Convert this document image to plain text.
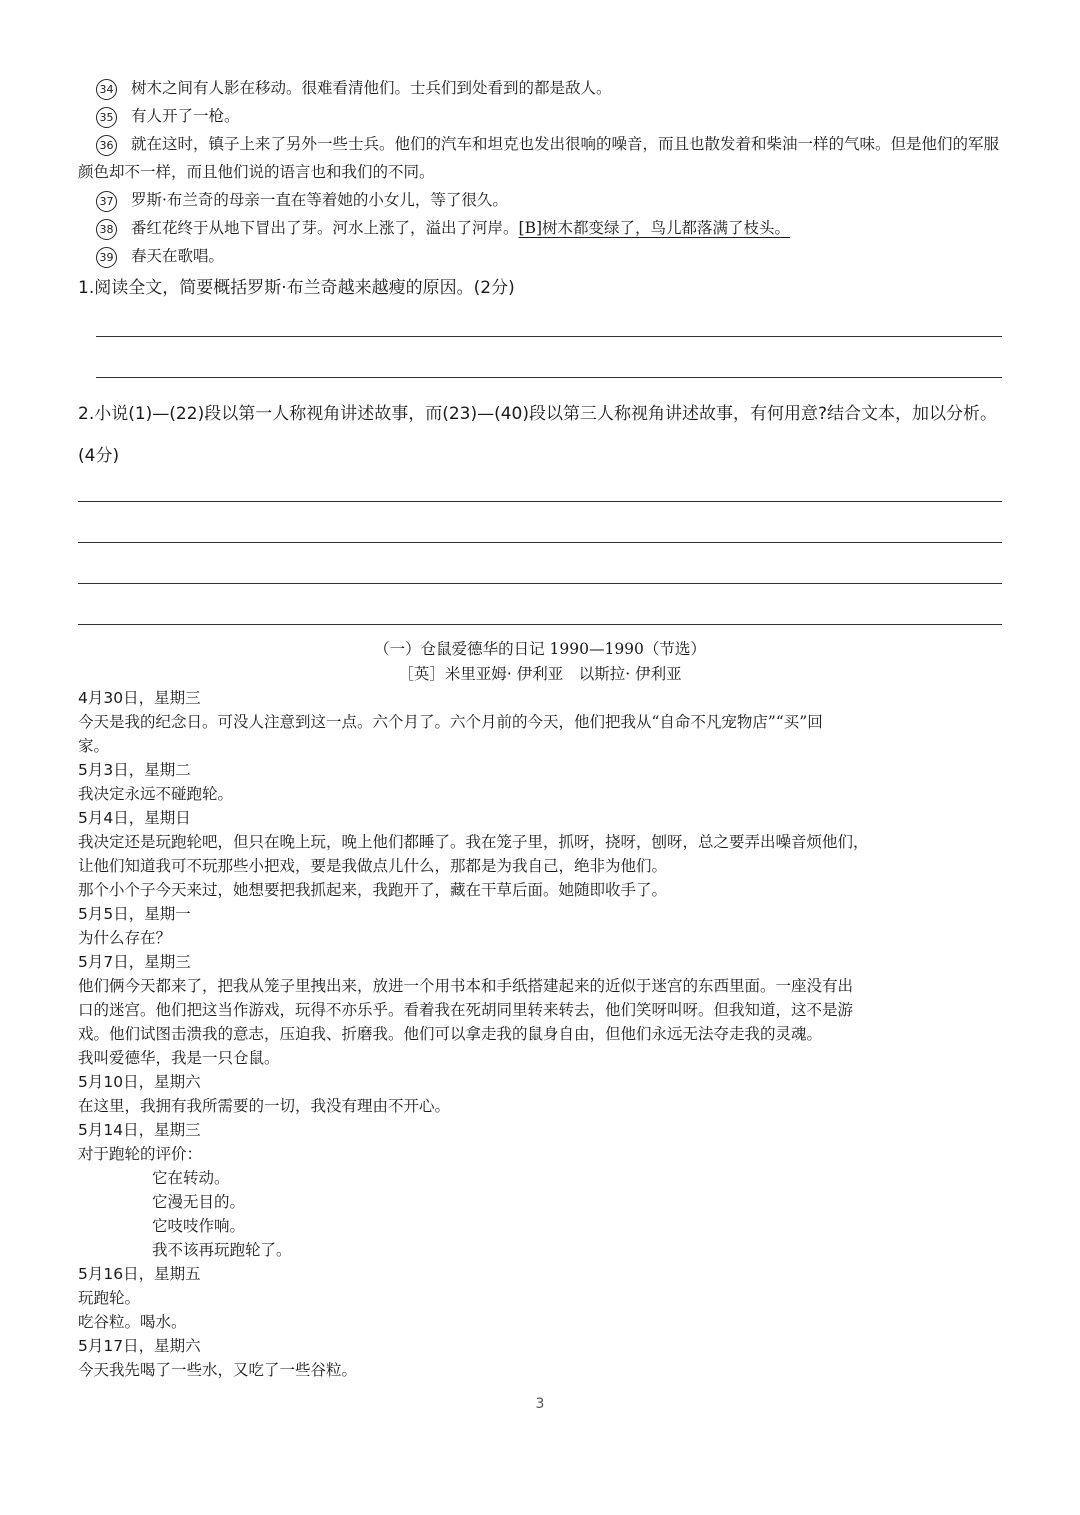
34 树木之间有人影在移动。很难看清他们。士兵们到处看到的都是敌人。
35 有人开了一枪。
36 就在这时，镇子上来了另外一些士兵。他们的汽车和坦克也发出很响的噪音，而且也散发着和柴油一样的气味。但是他们的军服颜色却不一样，而且他们说的语言也和我们的不同。
37 罗斯·布兰奇的母亲一直在等着她的小女儿，等了很久。
38 番红花终于从地下冒出了芽。河水上涨了，溢出了河岸。[B]树木都变绿了，鸟儿都落满了枝头。
39 春天在歌唱。
1.阅读全文，简要概括罗斯·布兰奇越来越瘦的原因。(2分)
2.小说(1)—(22)段以第一人称视角讲述故事，而(23)—(40)段以第三人称视角讲述故事，有何用意?结合文本，加以分析。(4分)
（一）仓鼠爱德华的日记 1990—1990（节选）
［英］米里亚姆· 伊利亚　以斯拉· 伊利亚
4月30日，星期三
今天是我的纪念日。可没人注意到这一点。六个月了。六个月前的今天，他们把我从“自命不凡宠物店”“买”回
家。
5月3日，星期二
我决定永远不碰跑轮。
5月4日，星期日
我决定还是玩跑轮吧，但只在晚上玩，晚上他们都睡了。我在笼子里，抓呀，挠呀，刨呀，总之要弄出噪音烦他们，
让他们知道我可不玩那些小把戏，要是我做点儿什么，那都是为我自己，绝非为他们。
那个小个子今天来过，她想要把我抓起来，我跑开了，藏在干草后面。她随即收手了。
5月5日，星期一
为什么存在？
5月7日，星期三
他们俩今天都来了，把我从笼子里拽出来，放进一个用书本和手纸搭建起来的近似于迷宫的东西里面。一座没有出
口的迷宫。他们把这当作游戏，玩得不亦乐乎。看着我在死胡同里转来转去，他们笑呀叫呀。但我知道，这不是游
戏。他们试图击溃我的意志，压迫我、折磨我。他们可以拿走我的鼠身自由，但他们永远无法夺走我的灵魂。
我叫爱德华，我是一只仓鼠。
5月10日，星期六
在这里，我拥有我所需要的一切，我没有理由不开心。
5月14日，星期三
对于跑轮的评价：
它在转动。
它漫无目的。
它吱吱作响。
我不该再玩跑轮了。
5月16日，星期五
玩跑轮。
吃谷粒。喝水。
5月17日，星期六
今天我先喝了一些水，又吃了一些谷粒。
3
